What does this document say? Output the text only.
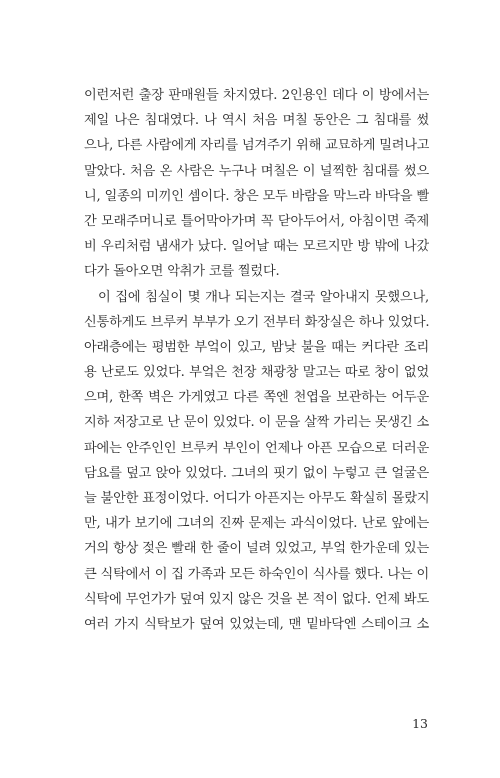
이런저런 출장 판매원들 차지였다. 2인용인 데다 이 방에서는
제일 나은 침대였다. 나 역시 처음 며칠 동안은 그 침대를 썼
으나, 다른 사람에게 자리를 넘겨주기 위해 교묘하게 밀려나고
말았다. 처음 온 사람은 누구나 며칠은 이 널찍한 침대를 썼으
니, 일종의 미끼인 셈이다. 창은 모두 바람을 막느라 바닥을 빨
간 모래주머니로 틀어막아가며 꼭 닫아두어서, 아침이면 죽제
비 우리처럼 냄새가 났다. 일어날 때는 모르지만 방 밖에 나갔
다가 돌아오면 악취가 코를 찔렀다.
이 집에 침실이 몇 개나 되는지는 결국 알아내지 못했으나,
신통하게도 브루커 부부가 오기 전부터 화장실은 하나 있었다.
아래층에는 평범한 부엌이 있고, 밤낮 불을 때는 커다란 조리
용 난로도 있었다. 부엌은 천장 채광창 말고는 따로 창이 없었
으며, 한쪽 벽은 가게였고 다른 쪽엔 천엽을 보관하는 어두운
지하 저장고로 난 문이 있었다. 이 문을 살짝 가리는 못생긴 소
파에는 안주인인 브루커 부인이 언제나 아픈 모습으로 더러운
담요를 덮고 앉아 있었다. 그녀의 핏기 없이 누렇고 큰 얼굴은
늘 불안한 표정이었다. 어디가 아픈지는 아무도 확실히 몰랐지
만, 내가 보기에 그녀의 진짜 문제는 과식이었다. 난로 앞에는
거의 항상 젖은 빨래 한 줄이 널려 있었고, 부엌 한가운데 있는
큰 식탁에서 이 집 가족과 모든 하숙인이 식사를 했다. 나는 이
식탁에 무언가가 덮여 있지 않은 것을 본 적이 없다. 언제 봐도
여러 가지 식탁보가 덮여 있었는데, 맨 밑바닥엔 스테이크 소
13
